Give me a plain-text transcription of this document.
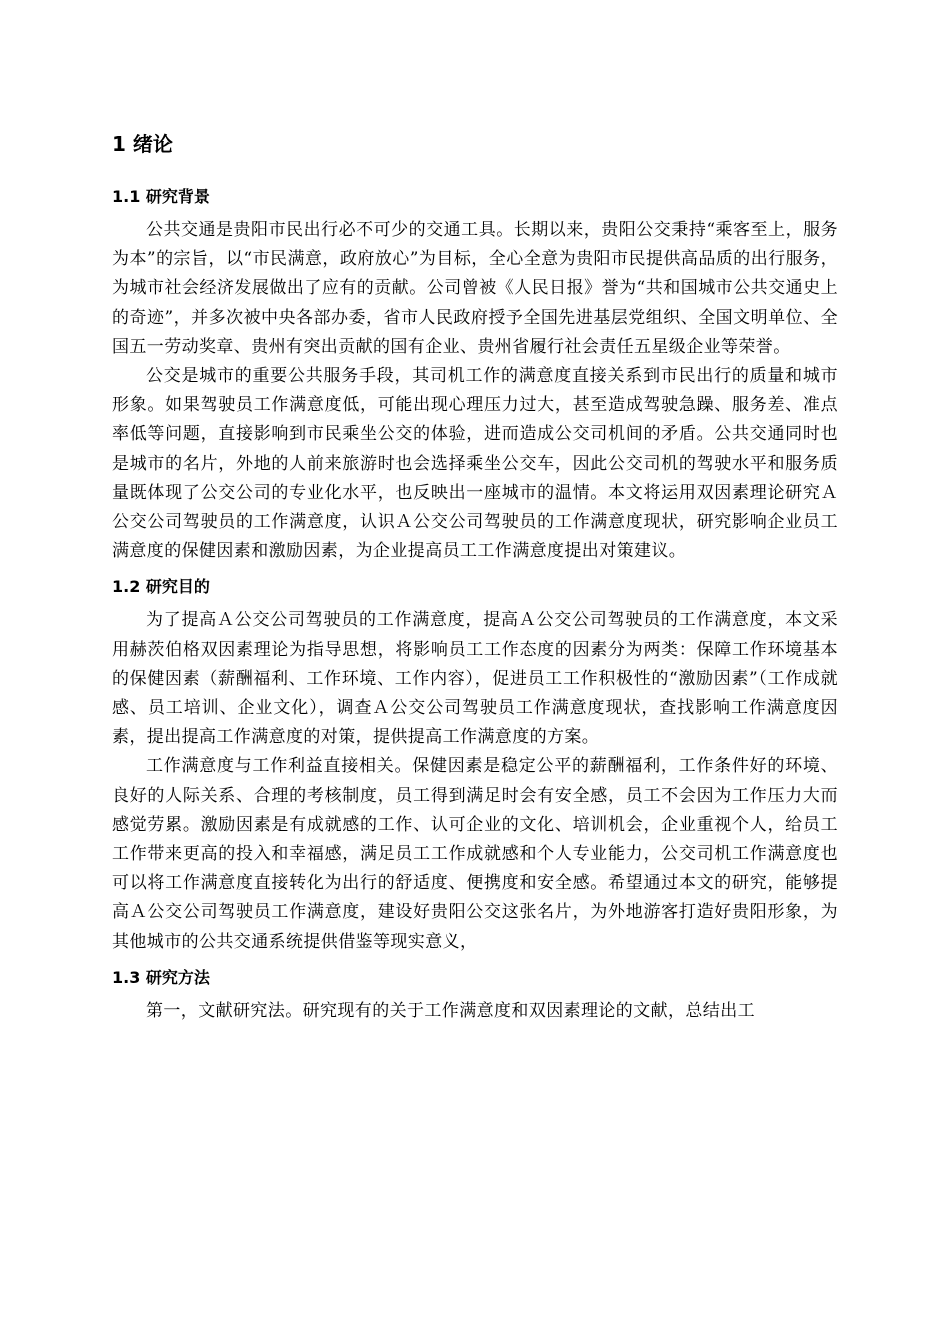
1 绪论
1.1 研究背景

公共交通是贵阳市民出行必不可少的交通工具。长期以来，贵阳公交秉持“乘客至上，服务为本”的宗旨，以“市民满意，政府放心”为目标，全心全意为贵阳市民提供高品质的出行服务，为城市社会经济发展做出了应有的贡献。公司曾被《人民日报》誉为“共和国城市公共交通史上的奇迹”，并多次被中央各部办委，省市人民政府授予全国先进基层党组织、全国文明单位、全国五一劳动奖章、贵州有突出贡献的国有企业、贵州省履行社会责任五星级企业等荣誉。

公交是城市的重要公共服务手段，其司机工作的满意度直接关系到市民出行的质量和城市形象。如果驾驶员工作满意度低，可能出现心理压力过大，甚至造成驾驶急躁、服务差、准点率低等问题，直接影响到市民乘坐公交的体验，进而造成公交司机间的矛盾。公共交通同时也是城市的名片，外地的人前来旅游时也会选择乘坐公交车，因此公交司机的驾驶水平和服务质量既体现了公交公司的专业化水平，也反映出一座城市的温情。本文将运用双因素理论研究Ａ公交公司驾驶员的工作满意度，认识Ａ公交公司驾驶员的工作满意度现状，研究影响企业员工满意度的保健因素和激励因素，为企业提高员工工作满意度提出对策建议。

1.2 研究目的

为了提高Ａ公交公司驾驶员的工作满意度，提高Ａ公交公司驾驶员的工作满意度，本文采用赫茨伯格双因素理论为指导思想，将影响员工工作态度的因素分为两类：保障工作环境基本的保健因素（薪酬福利、工作环境、工作内容），促进员工工作积极性的“激励因素”（工作成就感、员工培训、企业文化），调查Ａ公交公司驾驶员工作满意度现状，查找影响工作满意度因素，提出提高工作满意度的对策，提供提高工作满意度的方案。

工作满意度与工作利益直接相关。保健因素是稳定公平的薪酬福利，工作条件好的环境、良好的人际关系、合理的考核制度，员工得到满足时会有安全感，员工不会因为工作压力大而感觉劳累。激励因素是有成就感的工作、认可企业的文化、培训机会，企业重视个人，给员工工作带来更高的投入和幸福感，满足员工工作成就感和个人专业能力，公交司机工作满意度也可以将工作满意度直接转化为出行的舒适度、便携度和安全感。希望通过本文的研究，能够提高Ａ公交公司驾驶员工作满意度，建设好贵阳公交这张名片，为外地游客打造好贵阳形象，为其他城市的公共交通系统提供借鉴等现实意义，

1.3 研究方法

第一，文献研究法。研究现有的关于工作满意度和双因素理论的文献，总结出工
